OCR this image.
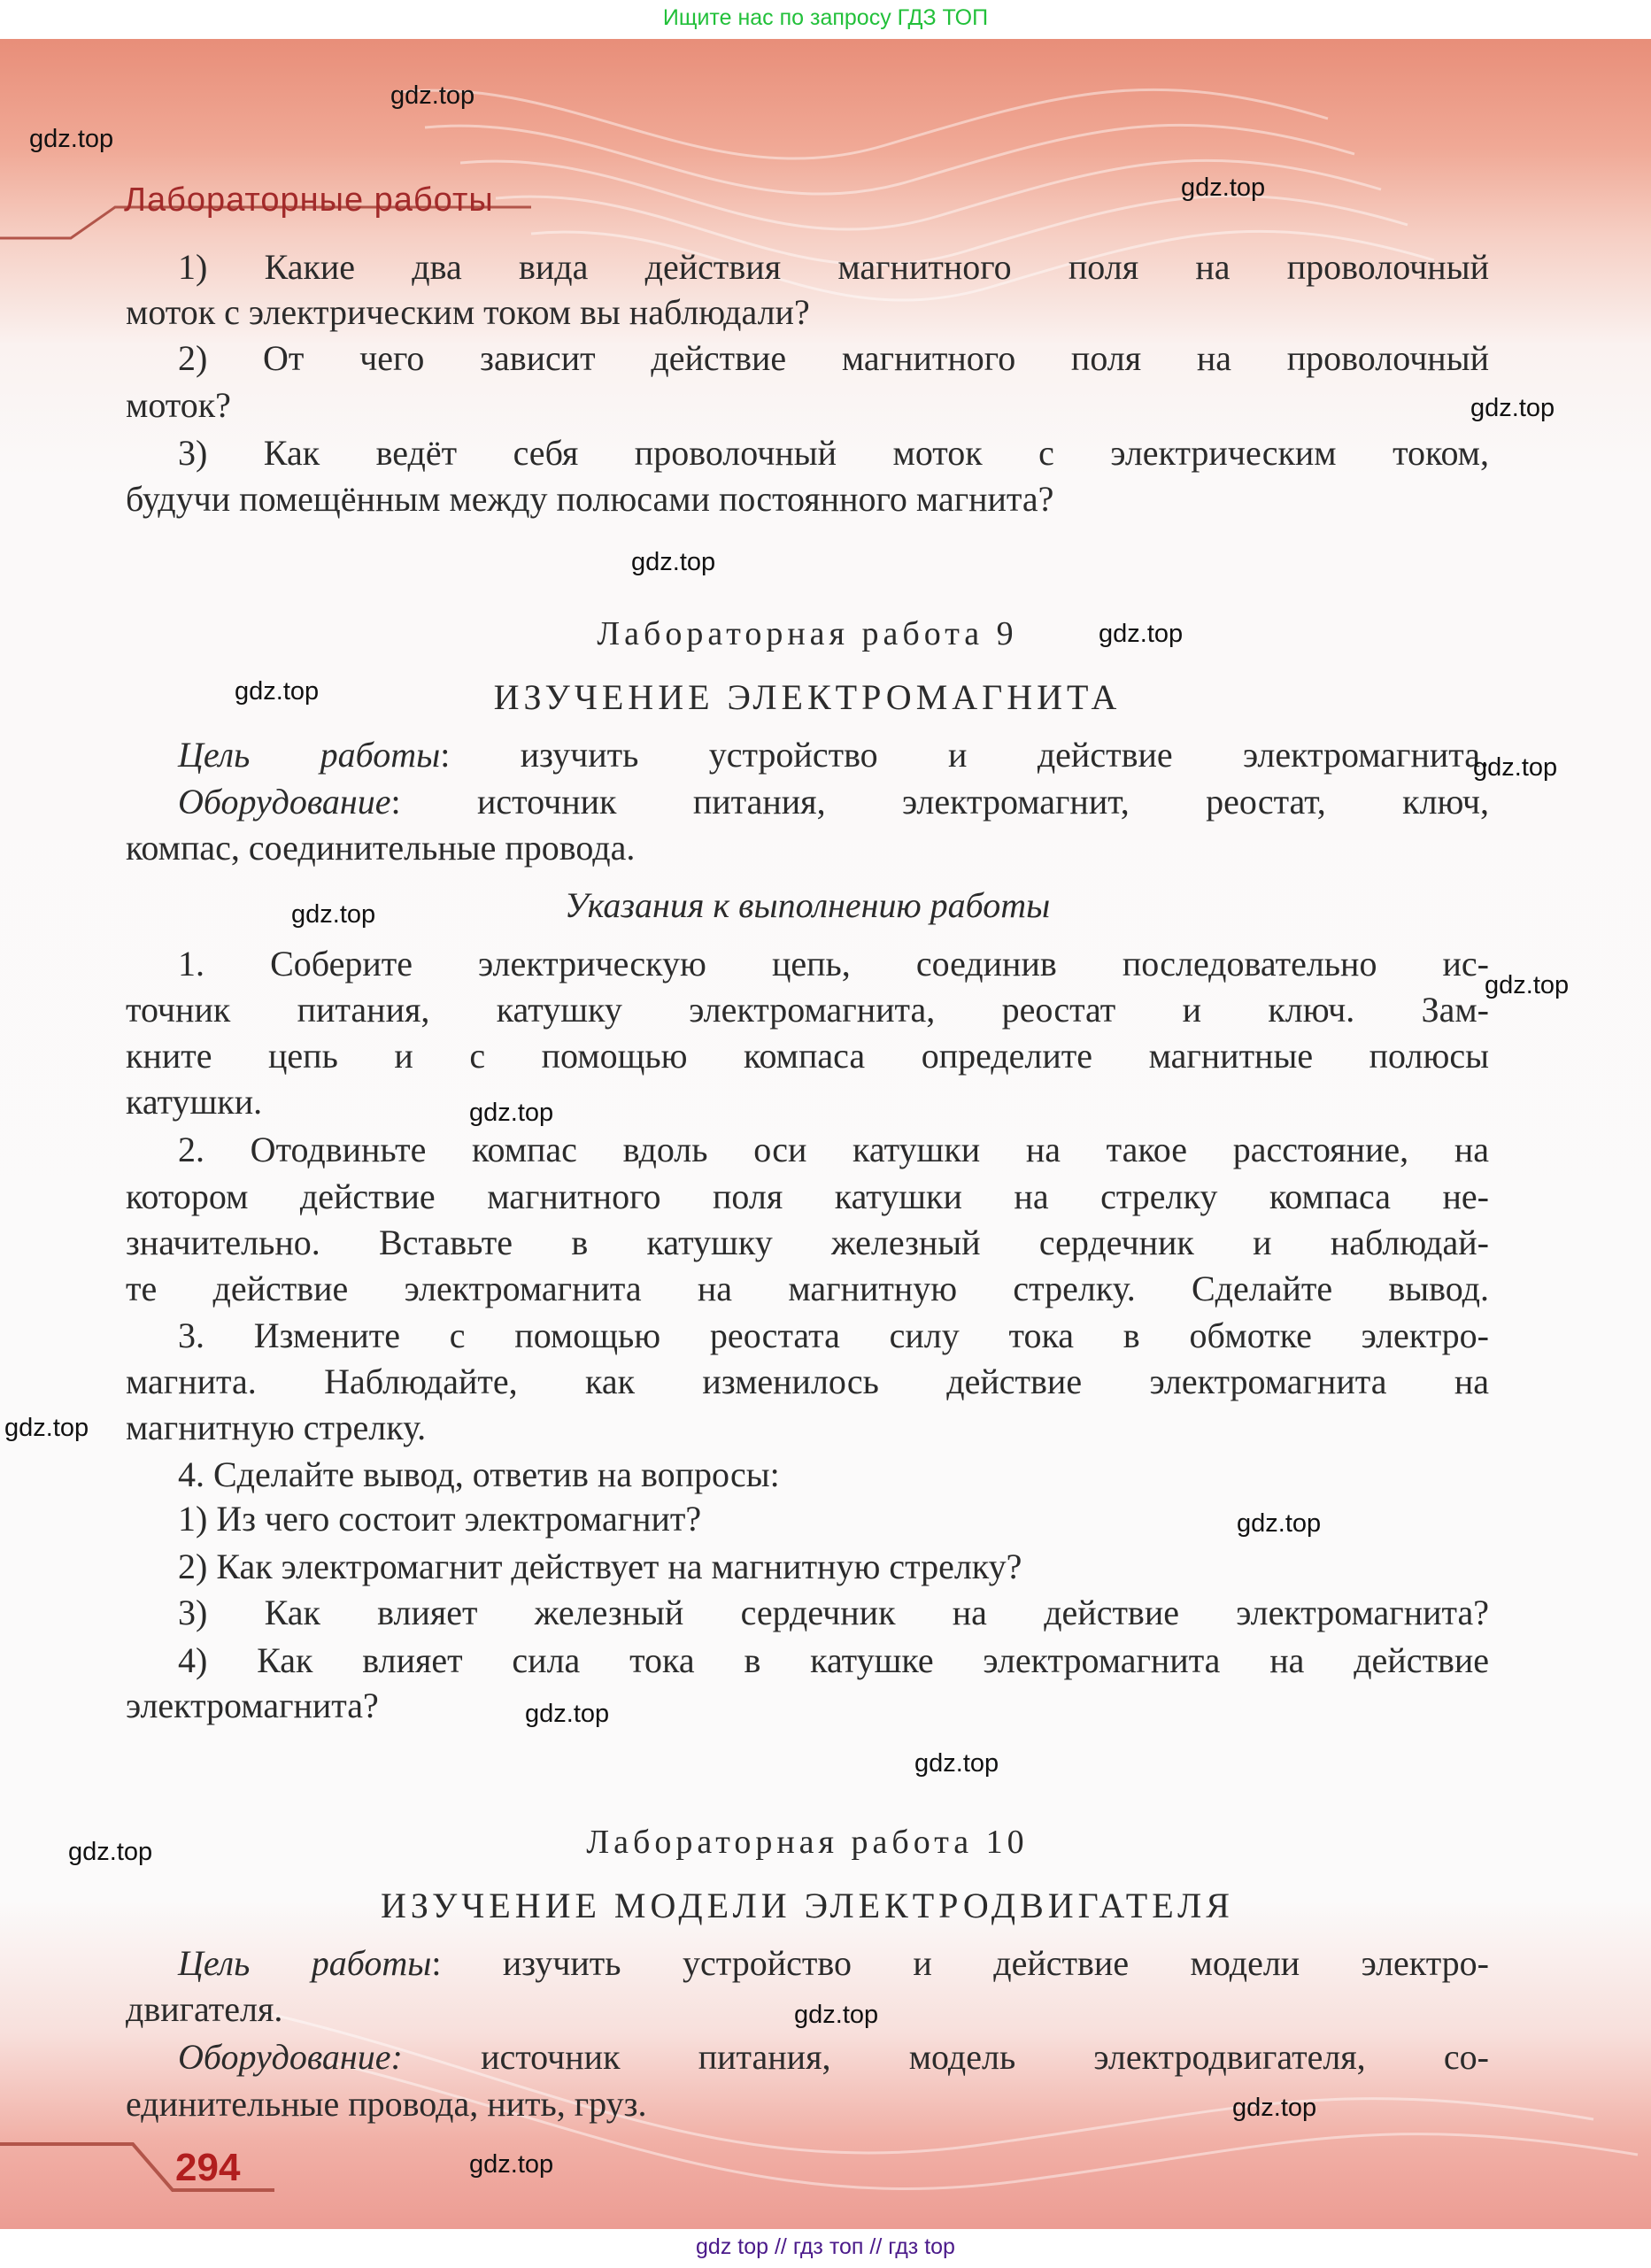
Ищите нас по запросу ГДЗ ТОП
Лабораторные работы
1) Какие два вида действия магнитного поля на проволочный
моток с электрическим током вы наблюдали?
2) От чего зависит действие магнитного поля на проволочный
моток?
3) Как ведёт себя проволочный моток с электрическим током,
будучи помещённым между полюсами постоянного магнита?
Лабораторная работа 9
ИЗУЧЕНИЕ ЭЛЕКТРОМАГНИТА
Цель работы: изучить устройство и действие электромагнита.
Оборудование: источник питания, электромагнит, реостат, ключ,
компас, соединительные провода.
Указания к выполнению работы
1. Соберите электрическую цепь, соединив последовательно ис-
точник питания, катушку электромагнита, реостат и ключ. Зам-
кните цепь и с помощью компаса определите магнитные полюсы
катушки.
2. Отодвиньте компас вдоль оси катушки на такое расстояние, на
котором действие магнитного поля катушки на стрелку компаса не-
значительно. Вставьте в катушку железный сердечник и наблюдай-
те действие электромагнита на магнитную стрелку. Сделайте вывод.
3. Измените с помощью реостата силу тока в обмотке электро-
магнита. Наблюдайте, как изменилось действие электромагнита на
магнитную стрелку.
4. Сделайте вывод, ответив на вопросы:
1) Из чего состоит электромагнит?
2) Как электромагнит действует на магнитную стрелку?
3) Как влияет железный сердечник на действие электромагнита?
4) Как влияет сила тока в катушке электромагнита на действие
электромагнита?
Лабораторная работа 10
ИЗУЧЕНИЕ МОДЕЛИ ЭЛЕКТРОДВИГАТЕЛЯ
Цель работы: изучить устройство и действие модели электро-
двигателя.
Оборудование: источник питания, модель электродвигателя, со-
единительные провода, нить, груз.
gdz.top
gdz.top
gdz.top
gdz.top
gdz.top
gdz.top
gdz.top
gdz.top
gdz.top
gdz.top
gdz.top
gdz.top
gdz.top
gdz.top
gdz.top
gdz.top
gdz.top
gdz.top
gdz.top
294
gdz top // гдз топ // гдз top
